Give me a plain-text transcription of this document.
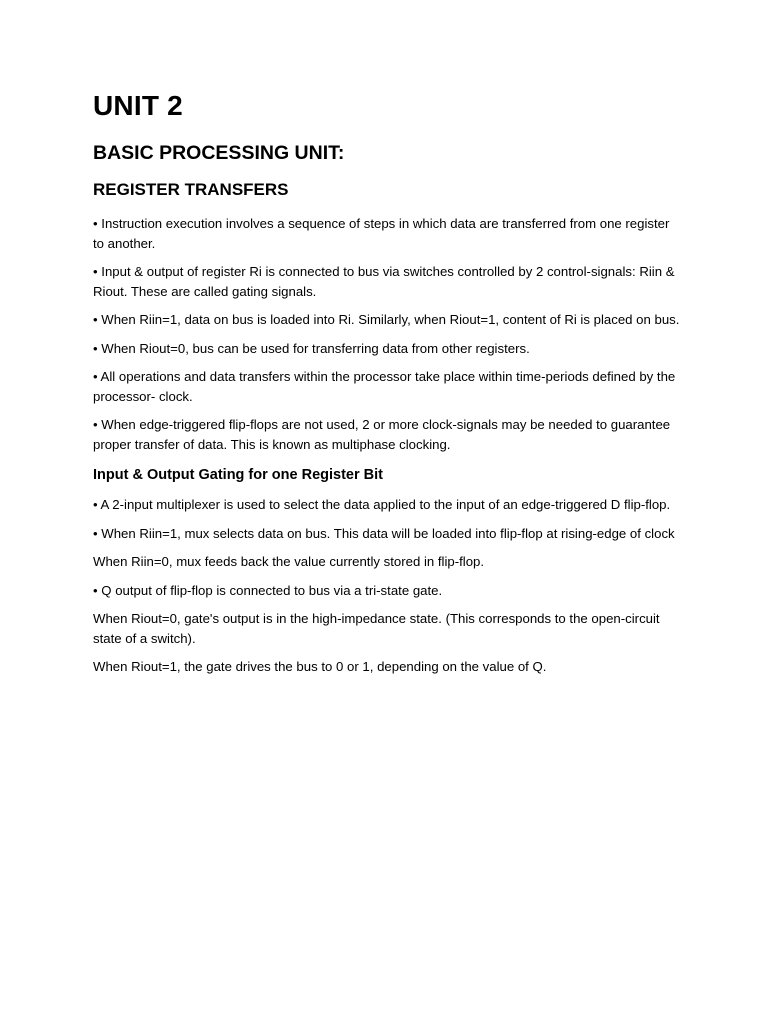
UNIT 2
BASIC PROCESSING UNIT:
REGISTER TRANSFERS

• Instruction execution involves a sequence of steps in which data are transferred from one register to another.

• Input & output of register Ri is connected to bus via switches controlled by 2 control-signals: Riin & Riout. These are called gating signals.

• When Riin=1, data on bus is loaded into Ri. Similarly, when Riout=1, content of Ri is placed on bus.

• When Riout=0, bus can be used for transferring data from other registers.

• All operations and data transfers within the processor take place within time-periods defined by the processor- clock.

• When edge-triggered flip-flops are not used, 2 or more clock-signals may be needed to guarantee proper transfer of data. This is known as multiphase clocking.

Input & Output Gating for one Register Bit

• A 2-input multiplexer is used to select the data applied to the input of an edge-triggered D flip-flop.

• When Riin=1, mux selects data on bus. This data will be loaded into flip-flop at rising-edge of clock

When Riin=0, mux feeds back the value currently stored in flip-flop.

• Q output of flip-flop is connected to bus via a tri-state gate.

When Riout=0, gate's output is in the high-impedance state. (This corresponds to the open-circuit state of a switch).

When Riout=1, the gate drives the bus to 0 or 1, depending on the value of Q.
